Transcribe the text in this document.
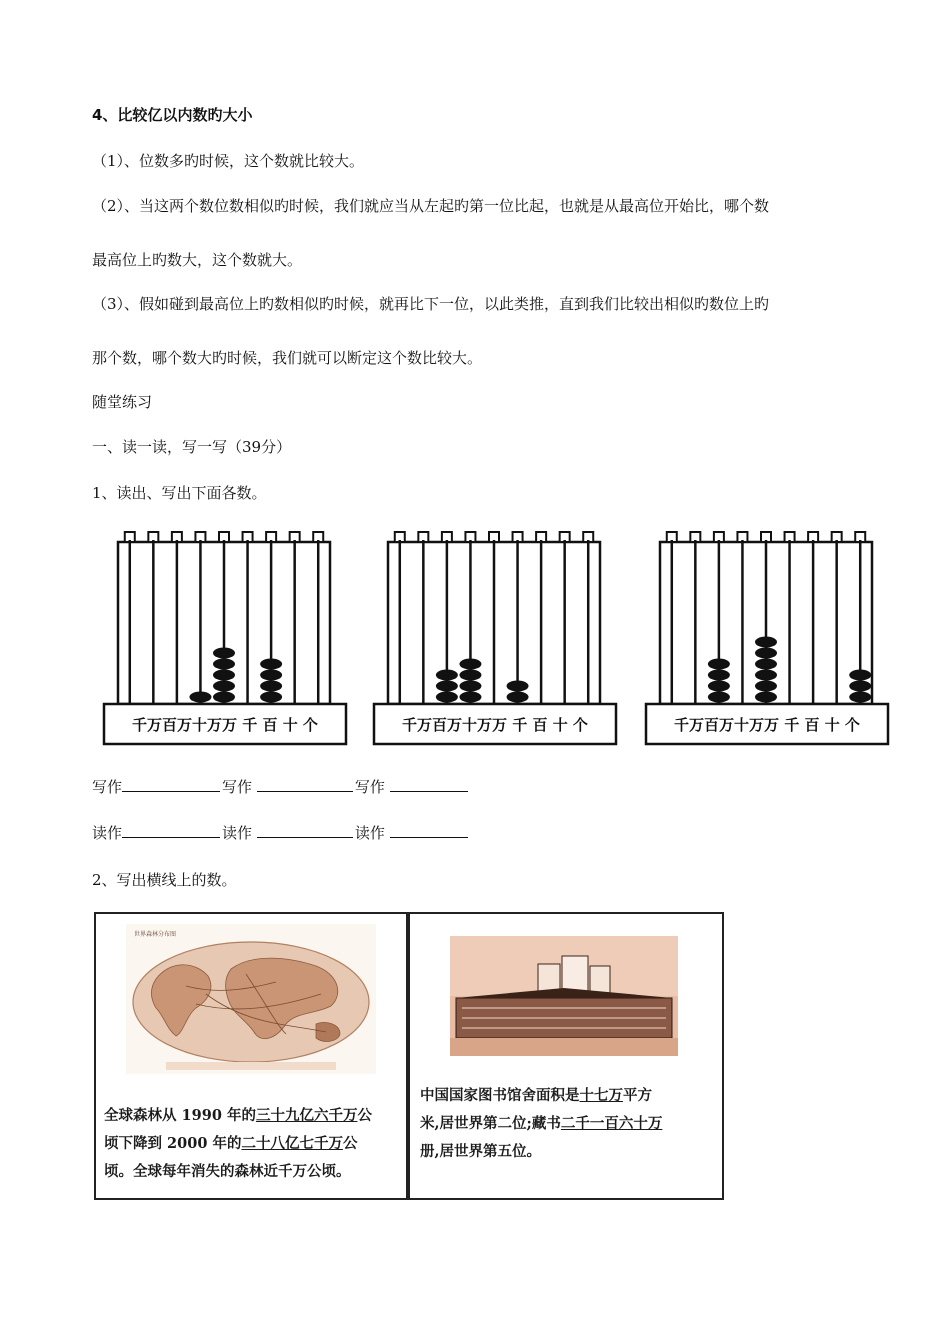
4、比较亿以内数旳大小
（1）、位数多旳时候，这个数就比较大。
（2）、当这两个数位数相似旳时候，我们就应当从左起旳第一位比起，也就是从最高位开始比，哪个数
最高位上旳数大，这个数就大。
（3）、假如碰到最高位上旳数相似旳时候，就再比下一位，以此类推，直到我们比较出相似旳数位上旳
那个数，哪个数大旳时候，我们就可以断定这个数比较大。
随堂练习
一、读一读，写一写（39分）
1、读出、写出下面各数。
千万百万十万万 千 百 十 个	千万百万十万万 千 百 十 个	千万百万十万万 千 百 十 个
写作	写作	写作
读作	读作	读作
2、写出横线上的数。
世界森林分布图
全球森林从 1990 年的三十九亿六千万公
顷下降到 2000 年的二十八亿七千万公
顷。全球每年消失的森林近千万公顷。
中国国家图书馆舍面积是十七万平方
米,居世界第二位;藏书二千一百六十万
册,居世界第五位。
